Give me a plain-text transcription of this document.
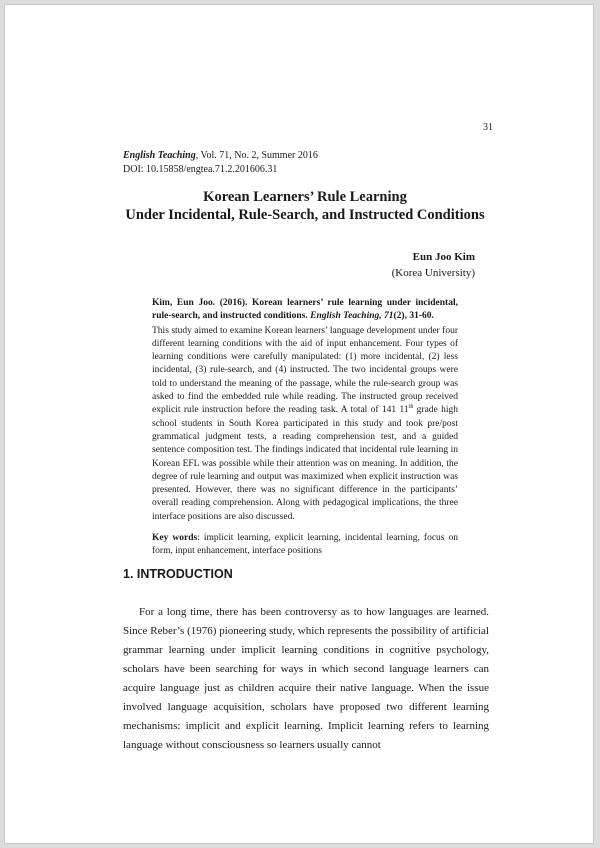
31
English Teaching, Vol. 71, No. 2, Summer 2016
DOI: 10.15858/engtea.71.2.201606.31
Korean Learners’ Rule Learning
Under Incidental, Rule-Search, and Instructed Conditions
Eun Joo Kim
(Korea University)

Kim, Eun Joo. (2016). Korean learners’ rule learning under incidental, rule-search, and instructed conditions. English Teaching, 71(2), 31-60.

This study aimed to examine Korean learners’ language development under four different learning conditions with the aid of input enhancement. Four types of learning conditions were carefully manipulated: (1) more incidental, (2) less incidental, (3) rule-search, and (4) instructed. The two incidental groups were told to understand the meaning of the passage, while the rule-search group was asked to find the embedded rule while reading. The instructed group received explicit rule instruction before the reading task. A total of 141 11th grade high school students in South Korea participated in this study and took pre/post grammatical judgment tests, a reading comprehension test, and a guided sentence composition test. The findings indicated that incidental rule learning in Korean EFL was possible while their attention was on meaning. In addition, the degree of rule learning and output was maximized when explicit instruction was presented. However, there was no significant difference in the participants’ overall reading comprehension. Along with pedagogical implications, the three interface positions are also discussed.

Key words: implicit learning, explicit learning, incidental learning, focus on form, input enhancement, interface positions

1. INTRODUCTION

For a long time, there has been controversy as to how languages are learned. Since Reber’s (1976) pioneering study, which represents the possibility of artificial grammar learning under implicit learning conditions in cognitive psychology, scholars have been searching for ways in which second language learners can acquire language just as children acquire their native language. When the issue involved language acquisition, scholars have proposed two different learning mechanisms: implicit and explicit learning. Implicit learning refers to learning language without consciousness so learners usually cannot
